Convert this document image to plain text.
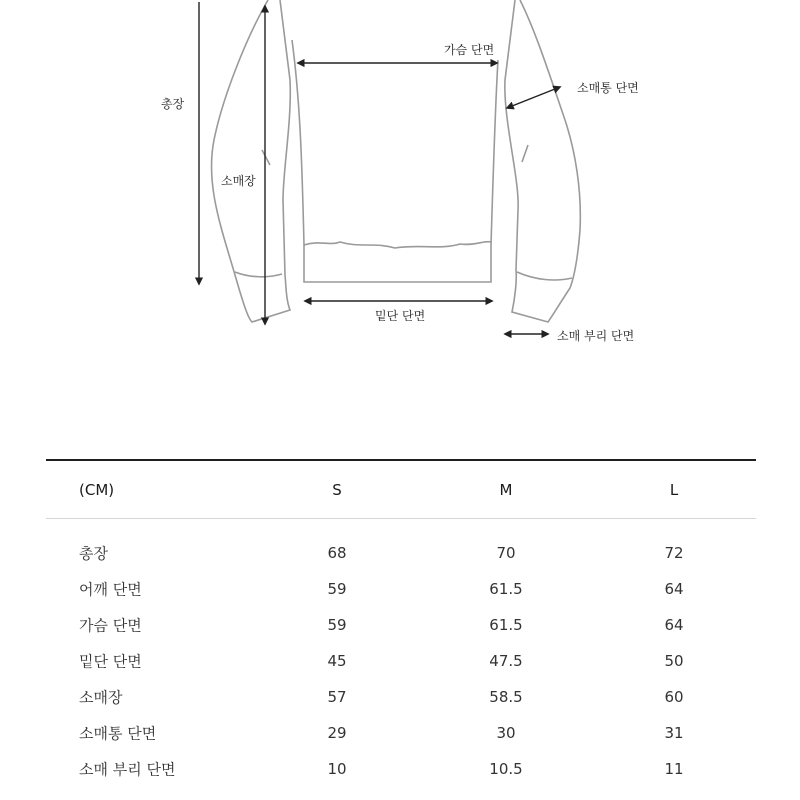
총장
가슴 단면
소매통 단면
소매장
밑단 단면
소매 부리 단면
(CM)	S	M	L
총장	68	70	72
어깨 단면	59	61.5	64
가슴 단면	59	61.5	64
밑단 단면	45	47.5	50
소매장	57	58.5	60
소매통 단면	29	30	31
소매 부리 단면	10	10.5	11
